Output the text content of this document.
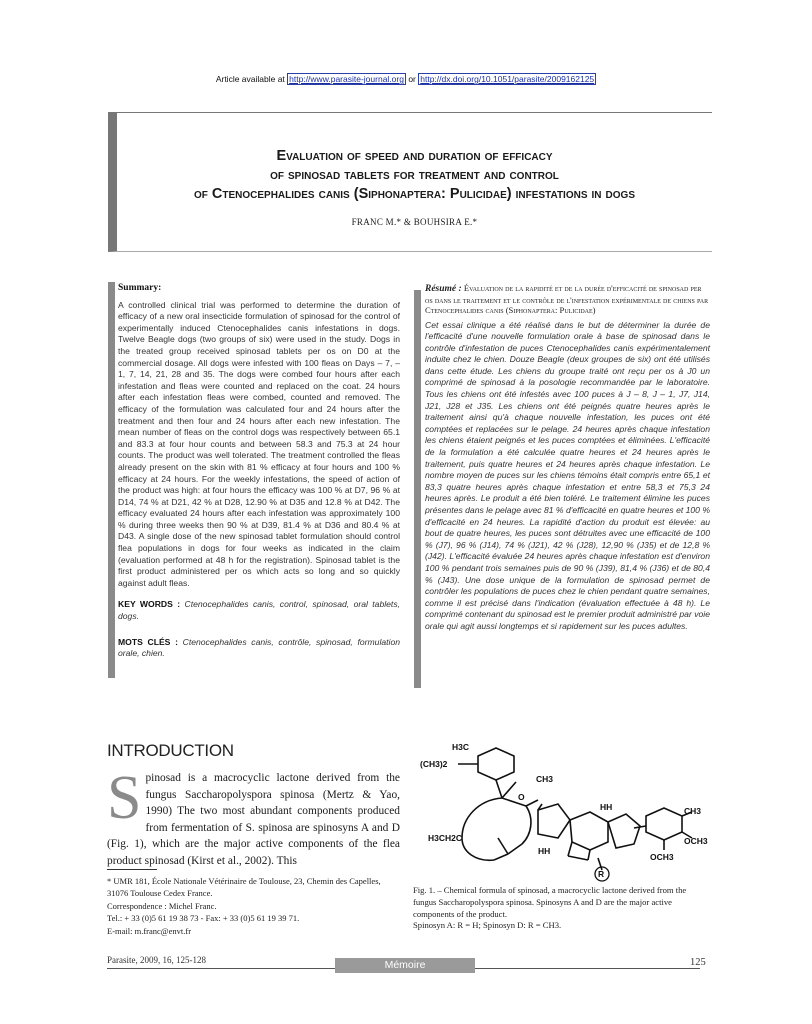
Article available at http://www.parasite-journal.org or http://dx.doi.org/10.1051/parasite/2009162125
Evaluation of speed and duration of efficacy
of spinosad tablets for treatment and control
of Ctenocephalides canis (Siphonaptera: Pulicidae) infestations in dogs
FRANC M.* & BOUHSIRA E.*
Summary:

A controlled clinical trial was performed to determine the duration of efficacy of a new oral insecticide formulation of spinosad for the control of experimentally induced Ctenocephalides canis infestations in dogs. Twelve Beagle dogs (two groups of six) were used in the study. Dogs in the treated group received spinosad tablets per os on D0 at the commercial dosage. All dogs were infested with 100 fleas on Days – 7, – 1, 7, 14, 21, 28 and 35. The dogs were combed four hours after each infestation and fleas were counted and replaced on the coat. 24 hours after each infestation fleas were combed, counted and removed. The efficacy of the formulation was calculated four and 24 hours after the treatment and then four and 24 hours after each new infestation. The mean number of fleas on the control dogs was respectively between 65.1 and 83.3 at four hour counts and between 58.3 and 75.3 at 24 hour counts. The product was well tolerated. The treatment controlled the fleas already present on the skin with 81 % efficacy at four hours and 100 % efficacy at 24 hours. For the weekly infestations, the speed of action of the product was high: at four hours the efficacy was 100 % at D7, 96 % at D14, 74 % at D21, 42 % at D28, 12.90 % at D35 and 12.8 % at D42. The efficacy evaluated 24 hours after each infestation was approximately 100 % during three weeks then 90 % at D39, 81.4 % at D36 and 80.4 % at D43. A single dose of the new spinosad tablet formulation should control flea populations in dogs for four weeks as indicated in the claim (evaluation performed at 48 h for the registration). Spinosad tablet is the first product administered per os which acts so long and so quickly against adult fleas.

KEY WORDS : Ctenocephalides canis, control, spinosad, oral tablets, dogs.

MOTS CLÉS : Ctenocephalides canis, contrôle, spinosad, formulation orale, chien.

Résumé : Évaluation de la rapidité et de la durée d'efficacité de spinosad per os dans le traitement et le contrôle de l'infestation expérimentale de chiens par Ctenocephalides canis (Siphonaptera: Pulicidae)

Cet essai clinique a été réalisé dans le but de déterminer la durée de l'efficacité d'une nouvelle formulation orale à base de spinosad dans le contrôle d'infestation de puces Ctenocephalides canis expérimentalement induite chez le chien. Douze Beagle (deux groupes de six) ont été utilisés dans cette étude. Les chiens du groupe traité ont reçu per os à J0 un comprimé de spinosad à la posologie recommandée par le laboratoire. Tous les chiens ont été infestés avec 100 puces à J – 8, J – 1, J7, J14, J21, J28 et J35. Les chiens ont été peignés quatre heures après le traitement ainsi qu'à chaque nouvelle infestation, les puces ont été comptées et replacées sur le pelage. 24 heures après chaque infestation les chiens étaient peignés et les puces comptées et éliminées. L'efficacité de la formulation a été calculée quatre heures et 24 heures après le traitement, puis quatre heures et 24 heures après chaque infestation. Le nombre moyen de puces sur les chiens témoins était compris entre 65,1 et 83,3 quatre heures après chaque infestation et entre 58,3 et 75,3 24 heures après. Le produit a été bien toléré. Le traitement élimine les puces présentes dans le pelage avec 81 % d'efficacité en quatre heures et 100 % d'efficacité en 24 heures. La rapidité d'action du produit est élevée: au bout de quatre heures, les puces sont détruites avec une efficacité de 100 % (J7), 96 % (J14), 74 % (J21), 42 % (J28), 12,90 % (J35) et de 12,8 % (J42). L'efficacité évaluée 24 heures après chaque infestation est d'environ 100 % pendant trois semaines puis de 90 % (J39), 81,4 % (J36) et de 80,4 % (J43). Une dose unique de la formulation de spinosad permet de contrôler les populations de puces chez le chien pendant quatre semaines, comme il est précisé dans l'indication (évaluation effectuée à 48 h). Le comprimé contenant du spinosad est le premier produit administré par voie orale qui agit aussi longtemps et si rapidement sur les puces adultes.

INTRODUCTION
Spinosad is a macrocyclic lactone derived from the fungus Saccharopolyspora spinosa (Mertz & Yao, 1990) The two most abundant components produced from fermentation of S. spinosa are spinosyns A and D (Fig. 1), which are the major active components of the flea product spinosad (Kirst et al., 2002). This

* UMR 181, École Nationale Vétérinaire de Toulouse, 23, Chemin des Capelles, 31076 Toulouse Cedex France.

Correspondence : Michel Franc.

Tel.: + 33 (0)5 61 19 38 73 - Fax: + 33 (0)5 61 19 39 71.

E-mail: m.franc@envt.fr

(CH3)2
H3C
CH3
HH
HH
H3CH2C
CH3
OCH3
OCH3
R
O

Fig. 1. – Chemical formula of spinosad, a macrocyclic lactone derived from the fungus Saccharopolyspora spinosa. Spinosyns A and D are the major active components of the product.

Spinosyn A: R = H; Spinosyn D: R = CH3.

Parasite, 2009, 16, 125-128	Mémoire	125
